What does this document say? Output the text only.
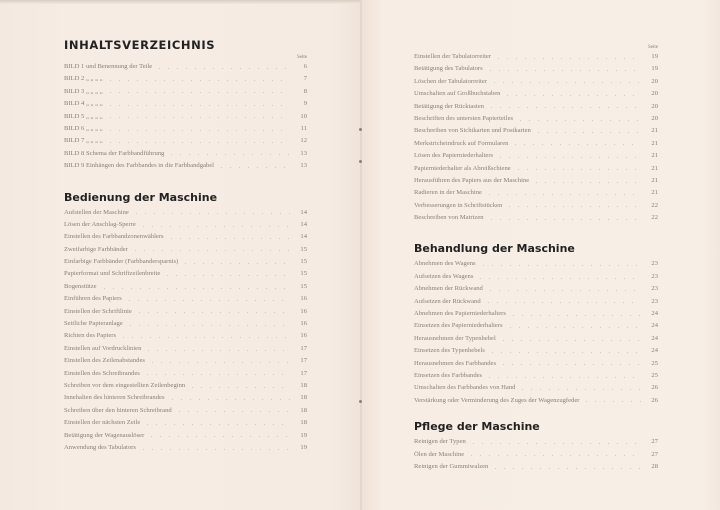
INHALTSVERZEICHNIS
Seite
BILD 1 und Benennung der Teile	6
BILD 2 „ „ „ „	7
BILD 3 „ „ „ „	8
BILD 4 „ „ „ „	9
BILD 5 „ „ „ „	10
BILD 6 „ „ „ „	11
BILD 7 „ „ „ „	12
BILD 8 Schema der Farbbandführung	13
BILD 9 Einhängen des Farbbandes in die Farbbandgabel	13
Bedienung der Maschine
Aufstellen der Maschine	14
Lösen der Anschlag-Sperre	14
Einstellen des Farbbandzonenwählers	14
Zweifarbige Farbbänder	15
Einfarbige Farbbänder (Farbbandersparnis)	15
Papierformat und Schriftzeilenbreite	15
Bogenstütze	15
Einführen des Papiers	16
Einstellen der Schriftlinie	16
Seitliche Papieranlage	16
Richten des Papiers	16
Einstellen auf Vordrucklinien	17
Einstellen des Zeilenabstandes	17
Einstellen des Schreibrandes	17
Schreiben vor dem eingestellten Zeilenbeginn	18
Innehalten des hinteren Schreibrandes	18
Schreiben über den hinteren Schreibrand	18
Einstellen der nächsten Zeile	18
Betätigung der Wagenauslöser	19
Anwendung des Tabulators	19
Seite
Einstellen der Tabulatorreiter	19
Betätigung des Tabulators	19
Löschen der Tabulatorreiter	20
Umschalten auf Großbuchstaben	20
Betätigung der Rücktasten	20
Beschriften des untersten Papierteiles	20
Beschreiben von Sichtkarten und Postkarten	21
Merkstricheindruck auf Formularen	21
Lösen des Papierniederhalters	21
Papierniederhalter als Abreißschiene	21
Herausführen des Papiers aus der Maschine	21
Radieren in der Maschine	21
Verbesserungen in Schriftstücken	22
Beschreiben von Matrizen	22
Behandlung der Maschine
Abnehmen des Wagens	23
Aufsetzen des Wagens	23
Abnehmen der Rückwand	23
Aufsetzen der Rückwand	23
Abnehmen des Papierniederhalters	24
Einsetzen des Papierniederhalters	24
Herausnehmen der Typenhebel	24
Einsetzen des Typenhebels	24
Herausnehmen des Farbbandes	25
Einsetzen des Farbbandes	25
Umschalten des Farbbandes von Hand	26
Verstärkung oder Verminderung des Zuges der Wagenzugfeder	26
Pflege der Maschine
Reinigen der Typen	27
Ölen der Maschine	27
Reinigen der Gummiwalzen	28
